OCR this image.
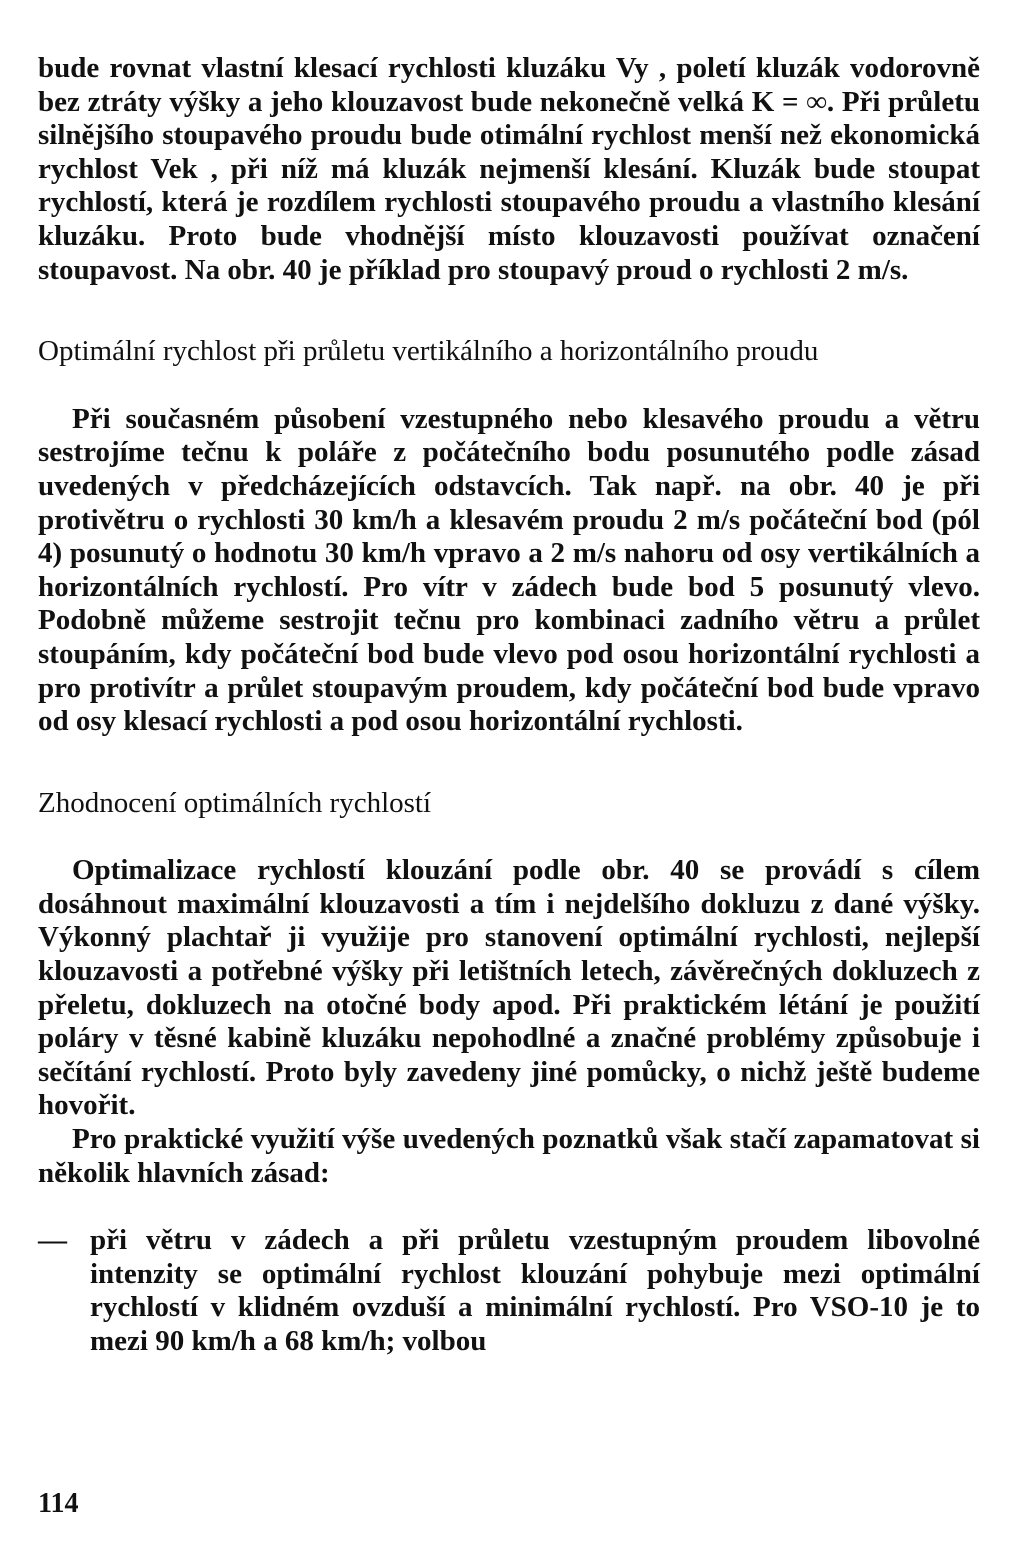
bude rovnat vlastní klesací rychlosti kluzáku Vy , poletí kluzák vodorovně bez ztráty výšky a jeho klouzavost bude nekonečně velká K = ∞. Při průletu silnějšího stoupavého proudu bude otimální rychlost menší než ekonomická rychlost Vek , při níž má kluzák nejmenší klesání. Kluzák bude stoupat rychlostí, která je rozdílem rychlosti stoupavého proudu a vlastního klesání kluzáku. Proto bude vhodnější místo klouzavosti používat označení stoupavost. Na obr. 40 je příklad pro stoupavý proud o rychlosti 2 m/s.

Optimální rychlost při průletu vertikálního a horizontálního proudu

Při současném působení vzestupného nebo klesavého proudu a větru sestrojíme tečnu k poláře z počátečního bodu posunutého podle zásad uvedených v předcházejících odstavcích. Tak např. na obr. 40 je při protivětru o rychlosti 30 km/h a klesavém proudu 2 m/s počáteční bod (pól 4) posunutý o hodnotu 30 km/h vpravo a 2 m/s nahoru od osy vertikálních a horizontálních rychlostí. Pro vítr v zádech bude bod 5 posunutý vlevo. Podobně můžeme sestrojit tečnu pro kombinaci zadního větru a průlet stoupáním, kdy počáteční bod bude vlevo pod osou horizontální rychlosti a pro protivítr a průlet stoupavým proudem, kdy počáteční bod bude vpravo od osy klesací rychlosti a pod osou horizontální rychlosti.

Zhodnocení optimálních rychlostí

Optimalizace rychlostí klouzání podle obr. 40 se provádí s cílem dosáhnout maximální klouzavosti a tím i nejdelšího dokluzu z dané výšky. Výkonný plachtař ji využije pro stanovení optimální rychlosti, nejlepší klouzavosti a potřebné výšky při letištních letech, závěrečných dokluzech z přeletu, dokluzech na otočné body apod. Při praktickém létání je použití poláry v těsné kabině kluzáku nepohodlné a značné problémy způsobuje i sečítání rychlostí. Proto byly zavedeny jiné pomůcky, o nichž ještě budeme hovořit.

Pro praktické využití výše uvedených poznatků však stačí zapamatovat si několik hlavních zásad:

— při větru v zádech a při průletu vzestupným proudem libovolné intenzity se optimální rychlost klouzání pohybuje mezi optimální rychlostí v klidném ovzduší a minimální rychlostí. Pro VSO-10 je to mezi 90 km/h a 68 km/h; volbou

114
